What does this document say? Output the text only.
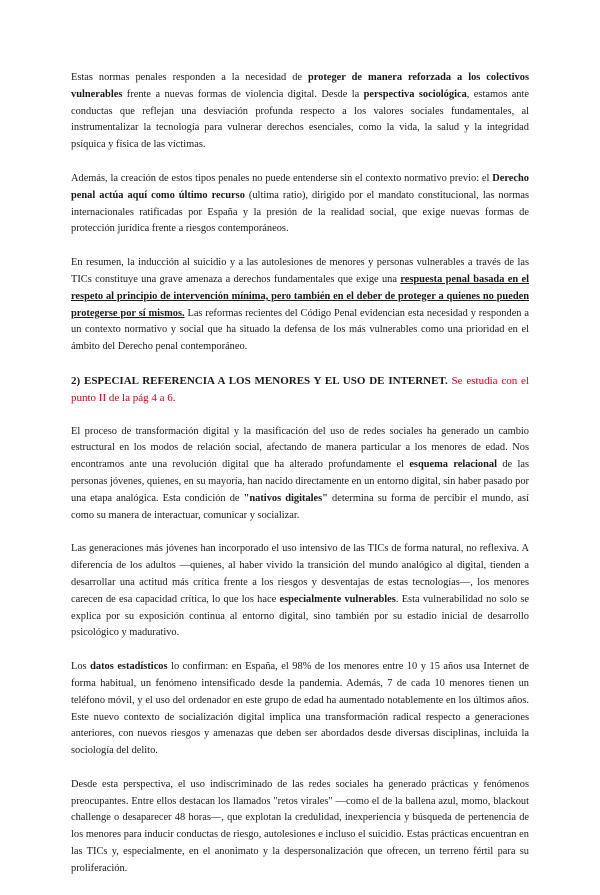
Estas normas penales responden a la necesidad de proteger de manera reforzada a los colectivos vulnerables frente a nuevas formas de violencia digital. Desde la perspectiva sociológica, estamos ante conductas que reflejan una desviación profunda respecto a los valores sociales fundamentales, al instrumentalizar la tecnología para vulnerar derechos esenciales, como la vida, la salud y la integridad psíquica y física de las víctimas.

Además, la creación de estos tipos penales no puede entenderse sin el contexto normativo previo: el Derecho penal actúa aquí como último recurso (ultima ratio), dirigido por el mandato constitucional, las normas internacionales ratificadas por España y la presión de la realidad social, que exige nuevas formas de protección jurídica frente a riesgos contemporáneos.

En resumen, la inducción al suicidio y a las autolesiones de menores y personas vulnerables a través de las TICs constituye una grave amenaza a derechos fundamentales que exige una respuesta penal basada en el respeto al principio de intervención mínima, pero también en el deber de proteger a quienes no pueden protegerse por sí mismos. Las reformas recientes del Código Penal evidencian esta necesidad y responden a un contexto normativo y social que ha situado la defensa de los más vulnerables como una prioridad en el ámbito del Derecho penal contemporáneo.

2) ESPECIAL REFERENCIA A LOS MENORES Y EL USO DE INTERNET. Se estudia con el punto II de la pág 4 a 6.

El proceso de transformación digital y la masificación del uso de redes sociales ha generado un cambio estructural en los modos de relación social, afectando de manera particular a los menores de edad. Nos encontramos ante una revolución digital que ha alterado profundamente el esquema relacional de las personas jóvenes, quienes, en su mayoría, han nacido directamente en un entorno digital, sin haber pasado por una etapa analógica. Esta condición de "nativos digitales" determina su forma de percibir el mundo, así como su manera de interactuar, comunicar y socializar.

Las generaciones más jóvenes han incorporado el uso intensivo de las TICs de forma natural, no reflexiva. A diferencia de los adultos —quienes, al haber vivido la transición del mundo analógico al digital, tienden a desarrollar una actitud más crítica frente a los riesgos y desventajas de estas tecnologías—, los menores carecen de esa capacidad crítica, lo que los hace especialmente vulnerables. Esta vulnerabilidad no solo se explica por su exposición continua al entorno digital, sino también por su estadio inicial de desarrollo psicológico y madurativo.

Los datos estadísticos lo confirman: en España, el 98% de los menores entre 10 y 15 años usa Internet de forma habitual, un fenómeno intensificado desde la pandemia. Además, 7 de cada 10 menores tienen un teléfono móvil, y el uso del ordenador en este grupo de edad ha aumentado notablemente en los últimos años. Este nuevo contexto de socialización digital implica una transformación radical respecto a generaciones anteriores, con nuevos riesgos y amenazas que deben ser abordados desde diversas disciplinas, incluida la sociología del delito.

Desde esta perspectiva, el uso indiscriminado de las redes sociales ha generado prácticas y fenómenos preocupantes. Entre ellos destacan los llamados "retos virales" —como el de la ballena azul, momo, blackout challenge o desaparecer 48 horas—, que explotan la credulidad, inexperiencia y búsqueda de pertenencia de los menores para inducir conductas de riesgo, autolesiones e incluso el suicidio. Estas prácticas encuentran en las TICs y, especialmente, en el anonimato y la despersonalización que ofrecen, un terreno fértil para su proliferación.
